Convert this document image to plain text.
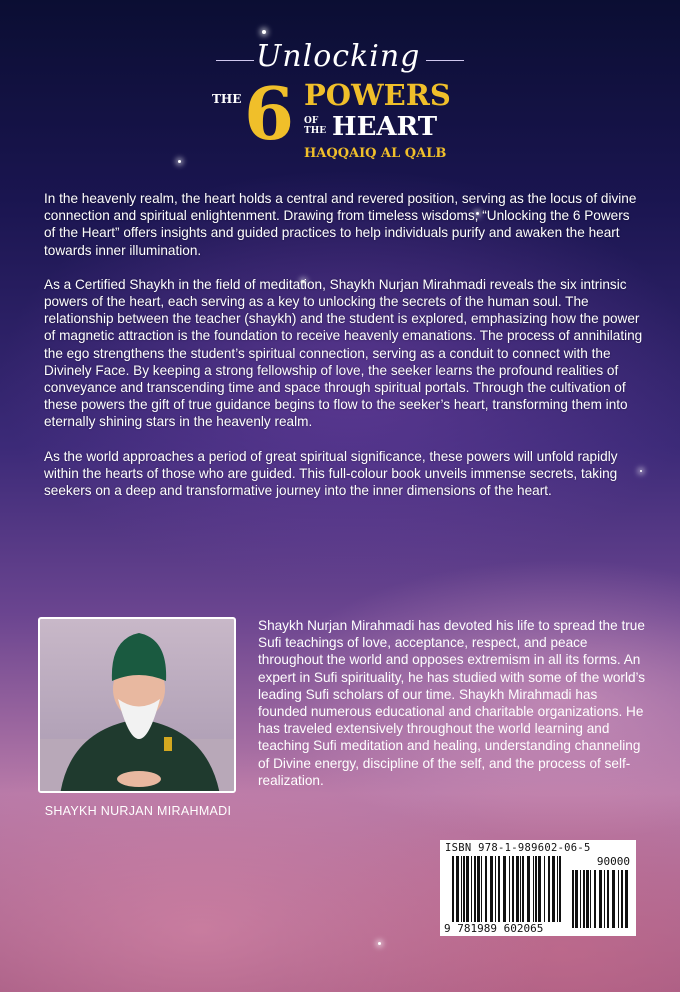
Unlocking
THE 6 POWERS
OF THE HEART
HAQQAIQ AL QALB

In the heavenly realm, the heart holds a central and revered position, serving as the locus of divine connection and spiritual enlightenment. Drawing from timeless wisdoms, “Unlocking the 6 Powers of the Heart” offers insights and guided practices to help individuals purify and awaken the heart towards inner illumination.

As a Certified Shaykh in the field of meditation, Shaykh Nurjan Mirahmadi reveals the six intrinsic powers of the heart, each serving as a key to unlocking the secrets of the human soul. The relationship between the teacher (shaykh) and the student is explored, emphasizing how the power of magnetic attraction is the foundation to receive heavenly emanations. The process of annihilating the ego strengthens the student’s spiritual connection, serving as a conduit to connect with the Divinely Face. By keeping a strong fellowship of love, the seeker learns the profound realities of conveyance and transcending time and space through spiritual portals. Through the cultivation of these powers the gift of true guidance begins to flow to the seeker’s heart, transforming them into eternally shining stars in the heavenly realm.

As the world approaches a period of great spiritual significance, these powers will unfold rapidly within the hearts of those who are guided. This full-colour book unveils immense secrets, taking seekers on a deep and transformative journey into the inner dimensions of the heart.

SHAYKH NURJAN MIRAHMADI
Shaykh Nurjan Mirahmadi has devoted his life to spread the true Sufi teachings of love, acceptance, respect, and peace throughout the world and opposes extremism in all its forms. An expert in Sufi spirituality, he has studied with some of the world’s leading Sufi scholars of our time. Shaykh Mirahmadi has founded numerous educational and charitable organizations. He has traveled extensively throughout the world learning and teaching Sufi meditation and healing, understanding channeling of Divine energy, discipline of the self, and the process of self-realization.
ISBN 978-1-989602-06-5
90000
9 781989 602065
